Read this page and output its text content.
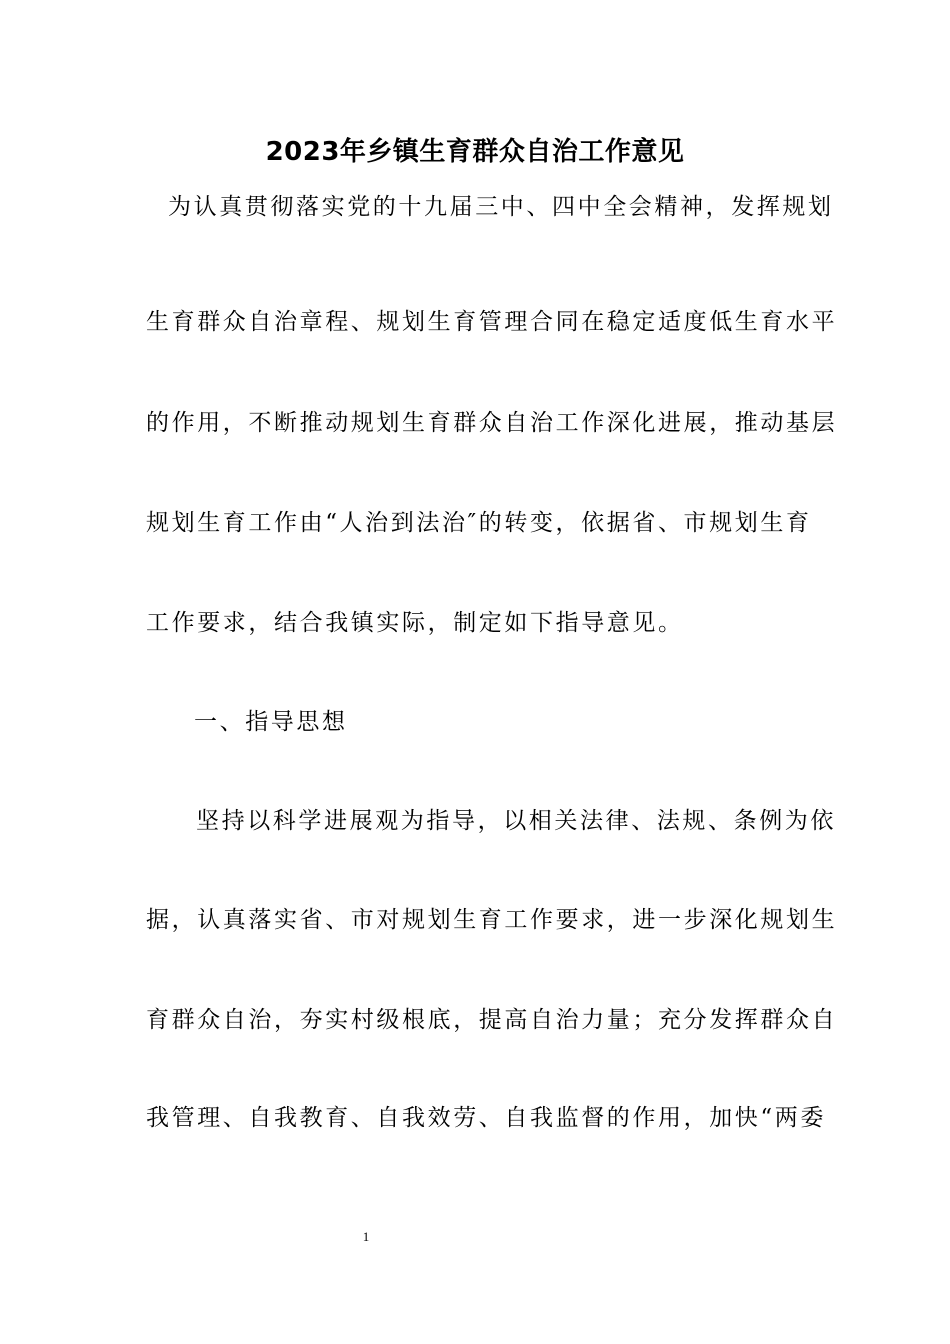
2023年乡镇生育群众自治工作意见
为认真贯彻落实党的十九届三中、四中全会精神，发挥规划
生育群众自治章程、规划生育管理合同在稳定适度低生育水平
的作用，不断推动规划生育群众自治工作深化进展，推动基层
规划生育工作由“人治到法治″的转变，依据省、市规划生育
工作要求，结合我镇实际，制定如下指导意见。
一、指导思想
坚持以科学进展观为指导，以相关法律、法规、条例为依
据，认真落实省、市对规划生育工作要求，进一步深化规划生
育群众自治，夯实村级根底，提高自治力量；充分发挥群众自
我管理、自我教育、自我效劳、自我监督的作用，加快“两委
1
